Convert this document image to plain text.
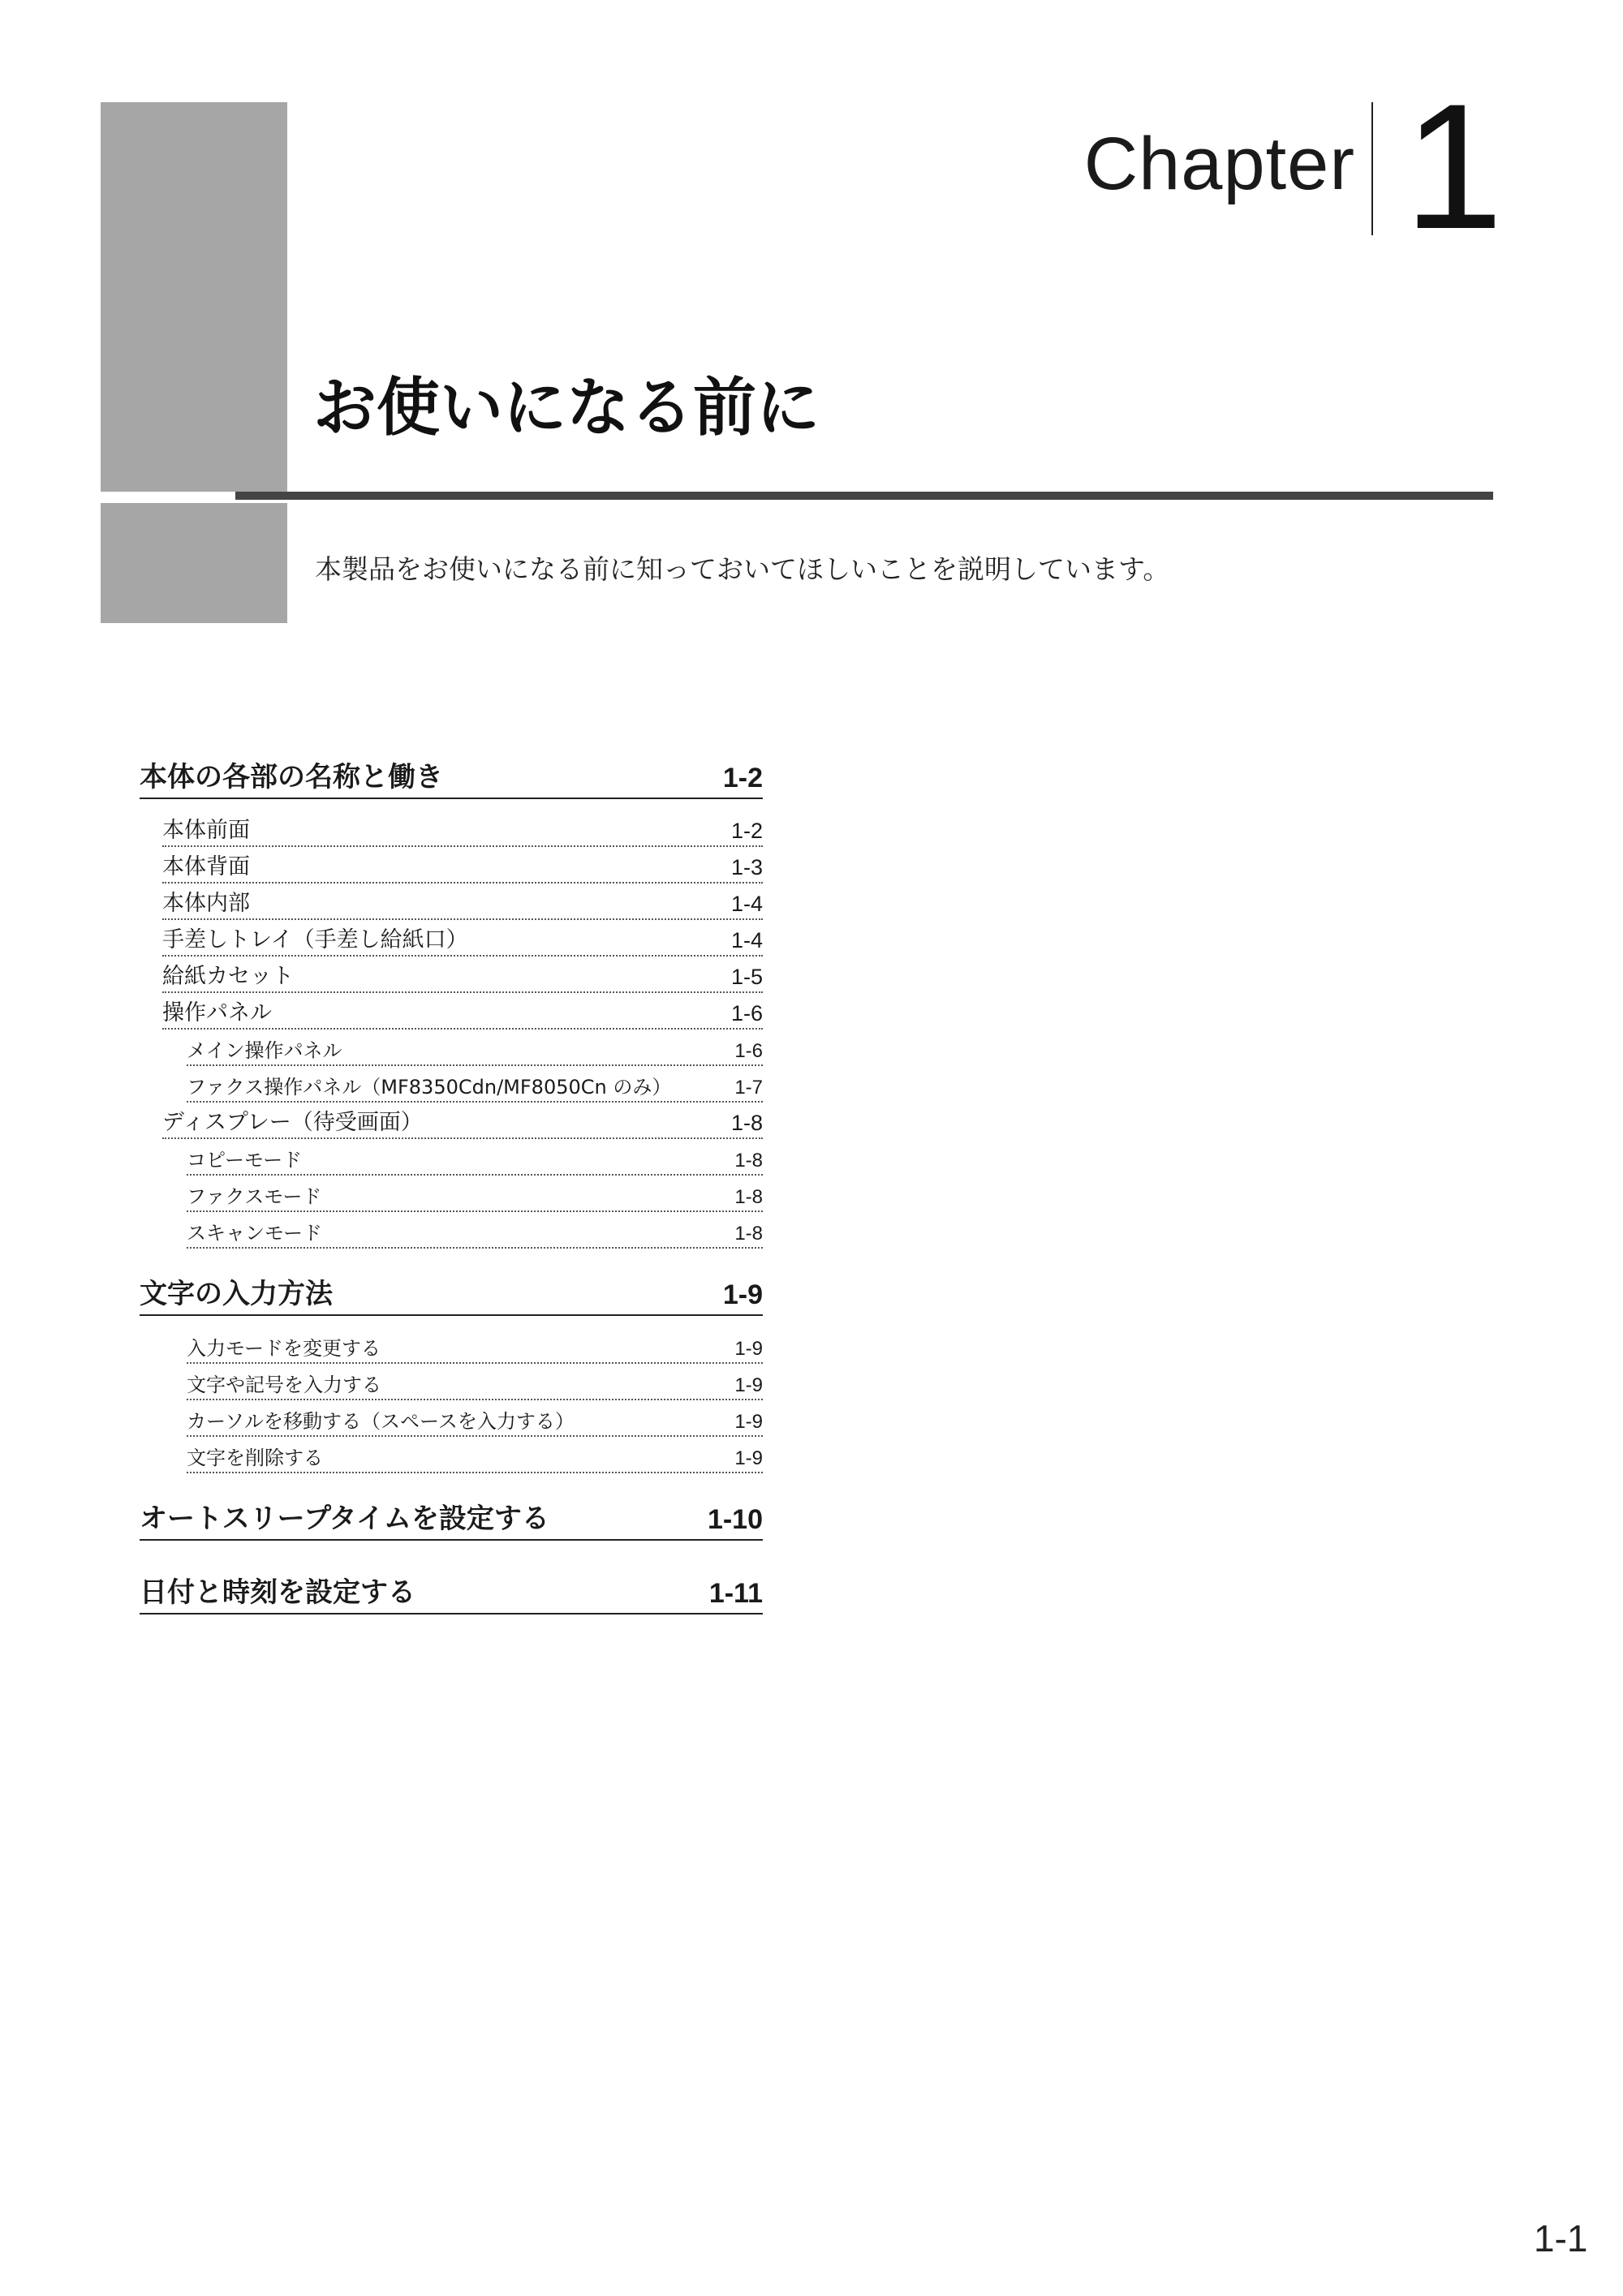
Chapter 1
お使いになる前に
本製品をお使いになる前に知っておいてほしいことを説明しています。
本体の各部の名称と働き	1-2
本体前面	1-2
本体背面	1-3
本体内部	1-4
手差しトレイ（手差し給紙口）	1-4
給紙カセット	1-5
操作パネル	1-6
メイン操作パネル	1-6
ファクス操作パネル（MF8350Cdn/MF8050Cn のみ）	1-7
ディスプレー（待受画面）	1-8
コピーモード	1-8
ファクスモード	1-8
スキャンモード	1-8
文字の入力方法	1-9
入力モードを変更する	1-9
文字や記号を入力する	1-9
カーソルを移動する（スペースを入力する）	1-9
文字を削除する	1-9
オートスリープタイムを設定する	1-10
日付と時刻を設定する	1-11
1-1
